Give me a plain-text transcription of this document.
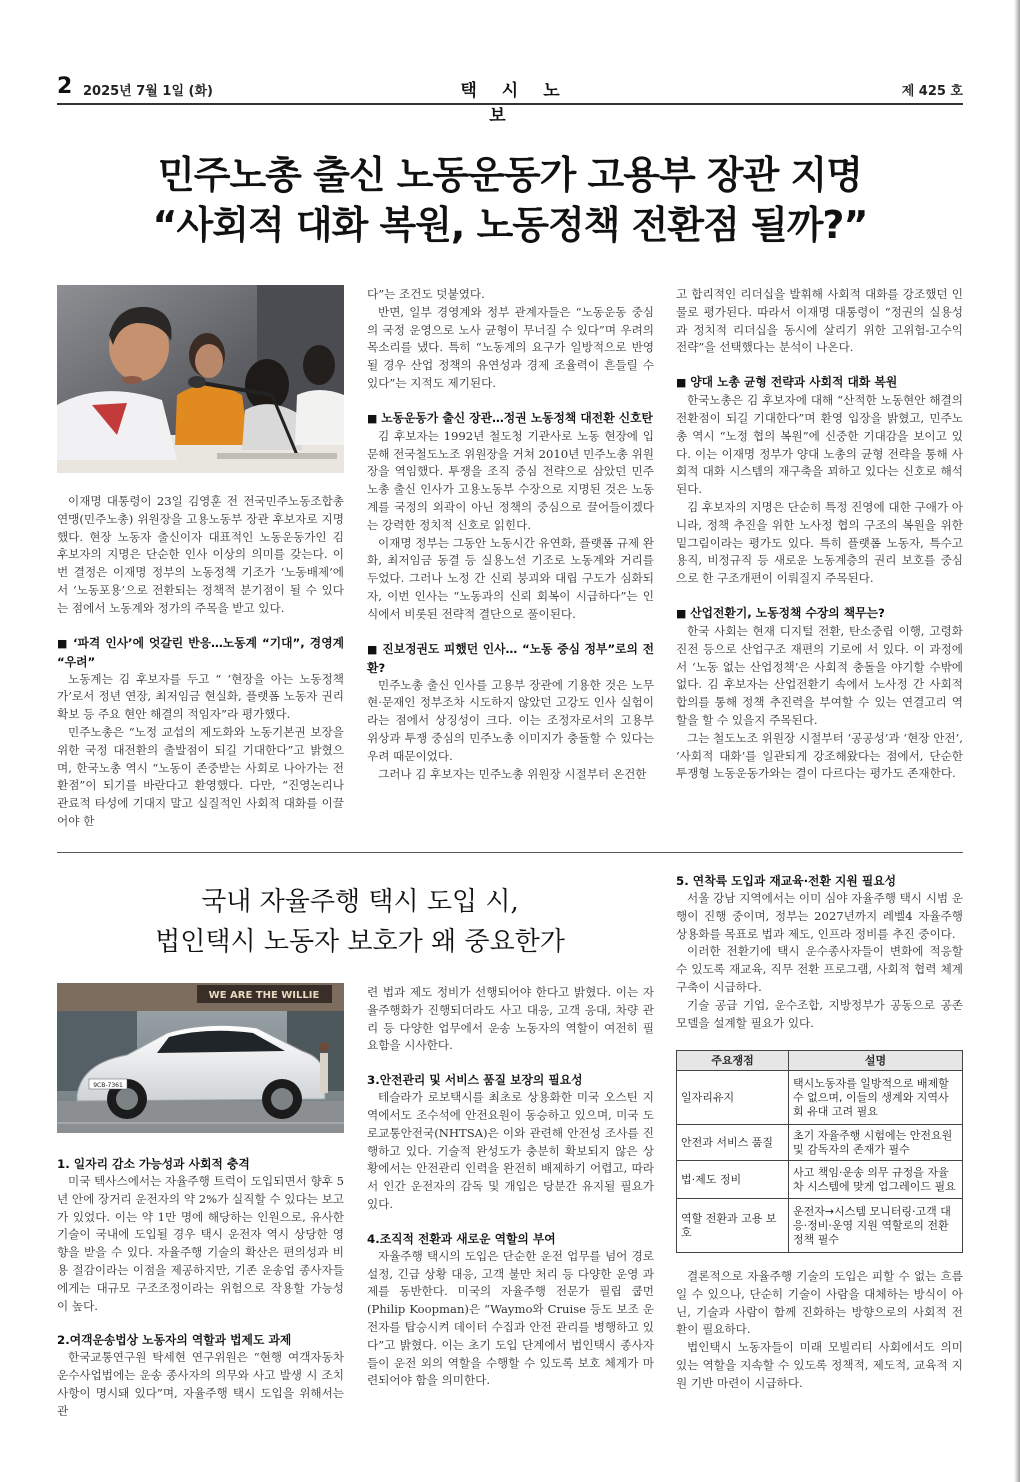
2 2025년 7월 1일 (화)	택시노보
제 425 호
민주노총 출신 노동운동가 고용부 장관 지명
“사회적 대화 복원, 노동정책 전환점 될까?”

이재명 대통령이 23일 김영훈 전 전국민주노동조합총연맹(민주노총) 위원장을 고용노동부 장관 후보자로 지명했다. 현장 노동자 출신이자 대표적인 노동운동가인 김 후보자의 지명은 단순한 인사 이상의 의미를 갖는다. 이번 결정은 이재명 정부의 노동정책 기조가 ‘노동배제’에서 ‘노동포용’으로 전환되는 정책적 분기점이 될 수 있다는 점에서 노동계와 정가의 주목을 받고 있다.

■ ‘파격 인사’에 엇갈린 반응…노동계 “기대”, 경영계 “우려”

노동계는 김 후보자를 두고 “ ‘현장을 아는 노동정책가’로서 정년 연장, 최저임금 현실화, 플랫폼 노동자 권리 확보 등 주요 현안 해결의 적임자”라 평가했다.

민주노총은 “노정 교섭의 제도화와 노동기본권 보장을 위한 국정 대전환의 출발점이 되길 기대한다”고 밝혔으며, 한국노총 역시 “노동이 존중받는 사회로 나아가는 전환점”이 되기를 바란다고 환영했다. 다만, “진영논리나 관료적 타성에 기대지 말고 실질적인 사회적 대화를 이끌어야 한

다”는 조건도 덧붙였다.

반면, 일부 경영계와 정부 관계자들은 “노동운동 중심의 국정 운영으로 노사 균형이 무너질 수 있다”며 우려의 목소리를 냈다. 특히 “노동계의 요구가 일방적으로 반영될 경우 산업 정책의 유연성과 경제 조율력이 흔들릴 수 있다”는 지적도 제기된다.

■ 노동운동가 출신 장관…정권 노동정책 대전환 신호탄

김 후보자는 1992년 철도청 기관사로 노동 현장에 입문해 전국철도노조 위원장을 거쳐 2010년 민주노총 위원장을 역임했다. 투쟁을 조직 중심 전략으로 삼았던 민주노총 출신 인사가 고용노동부 수장으로 지명된 것은 노동계를 국정의 외곽이 아닌 정책의 중심으로 끌어들이겠다는 강력한 정치적 신호로 읽힌다.

이재명 정부는 그동안 노동시간 유연화, 플랫폼 규제 완화, 최저임금 동결 등 실용노선 기조로 노동계와 거리를 두었다. 그러나 노정 간 신뢰 붕괴와 대립 구도가 심화되자, 이번 인사는 “노동과의 신뢰 회복이 시급하다”는 인식에서 비롯된 전략적 결단으로 풀이된다.

■ 진보정권도 피했던 인사… “노동 중심 정부”로의 전환?

민주노총 출신 인사를 고용부 장관에 기용한 것은 노무현·문재인 정부조차 시도하지 않았던 고강도 인사 실험이라는 점에서 상징성이 크다. 이는 조정자로서의 고용부 위상과 투쟁 중심의 민주노총 이미지가 충돌할 수 있다는 우려 때문이었다.

그러나 김 후보자는 민주노총 위원장 시절부터 온건한

고 합리적인 리더십을 발휘해 사회적 대화를 강조했던 인물로 평가된다. 따라서 이재명 대통령이 “정권의 실용성과 정치적 리더십을 동시에 살리기 위한 고위험-고수익 전략”을 선택했다는 분석이 나온다.

■ 양대 노총 균형 전략과 사회적 대화 복원

한국노총은 김 후보자에 대해 “산적한 노동현안 해결의 전환점이 되길 기대한다”며 환영 입장을 밝혔고, 민주노총 역시 “노정 협의 복원”에 신중한 기대감을 보이고 있다. 이는 이재명 정부가 양대 노총의 균형 전략을 통해 사회적 대화 시스템의 재구축을 꾀하고 있다는 신호로 해석된다.

김 후보자의 지명은 단순히 특정 진영에 대한 구애가 아니라, 정책 추진을 위한 노사정 협의 구조의 복원을 위한 밑그림이라는 평가도 있다. 특히 플랫폼 노동자, 특수고용직, 비정규직 등 새로운 노동계층의 권리 보호를 중심으로 한 구조개편이 이뤄질지 주목된다.

■ 산업전환기, 노동정책 수장의 책무는?

한국 사회는 현재 디지털 전환, 탄소중립 이행, 고령화 진전 등으로 산업구조 재편의 기로에 서 있다. 이 과정에서 ‘노동 없는 산업정책’은 사회적 충돌을 야기할 수밖에 없다. 김 후보자는 산업전환기 속에서 노사정 간 사회적 합의를 통해 정책 추진력을 부여할 수 있는 연결고리 역할을 할 수 있을지 주목된다.

그는 철도노조 위원장 시절부터 ‘공공성’과 ‘현장 안전’, ‘사회적 대화’를 일관되게 강조해왔다는 점에서, 단순한 투쟁형 노동운동가와는 결이 다르다는 평가도 존재한다.

국내 자율주행 택시 도입 시,
법인택시 노동자 보호가 왜 중요한가
WE ARE THE WILLIE
9CB-7361
1. 일자리 감소 가능성과 사회적 충격

미국 텍사스에서는 자율주행 트럭이 도입되면서 향후 5년 안에 장거리 운전자의 약 2%가 실직할 수 있다는 보고가 있었다. 이는 약 1만 명에 해당하는 인원으로, 유사한 기술이 국내에 도입될 경우 택시 운전자 역시 상당한 영향을 받을 수 있다. 자율주행 기술의 확산은 편의성과 비용 절감이라는 이점을 제공하지만, 기존 운송업 종사자들에게는 대규모 구조조정이라는 위험으로 작용할 가능성이 높다.

2.여객운송법상 노동자의 역할과 법제도 과제

한국교통연구원 탁세현 연구위원은 “현행 여객자동차운수사업법에는 운송 종사자의 의무와 사고 발생 시 조치 사항이 명시돼 있다”며, 자율주행 택시 도입을 위해서는 관

련 법과 제도 정비가 선행되어야 한다고 밝혔다. 이는 자율주행화가 진행되더라도 사고 대응, 고객 응대, 차량 관리 등 다양한 업무에서 운송 노동자의 역할이 여전히 필요함을 시사한다.

3.안전관리 및 서비스 품질 보장의 필요성

테슬라가 로보택시를 최초로 상용화한 미국 오스틴 지역에서도 조수석에 안전요원이 동승하고 있으며, 미국 도로교통안전국(NHTSA)은 이와 관련해 안전성 조사를 진행하고 있다. 기술적 완성도가 충분히 확보되지 않은 상황에서는 안전관리 인력을 완전히 배제하기 어렵고, 따라서 인간 운전자의 감독 및 개입은 당분간 유지될 필요가 있다.

4.조직적 전환과 새로운 역할의 부여

자율주행 택시의 도입은 단순한 운전 업무를 넘어 경로 설정, 긴급 상황 대응, 고객 불만 처리 등 다양한 운영 과제를 동반한다. 미국의 자율주행 전문가 필립 쿱먼(Philip Koopman)은 “Waymo와 Cruise 등도 보조 운전자를 탑승시켜 데이터 수집과 안전 관리를 병행하고 있다”고 밝혔다. 이는 초기 도입 단계에서 법인택시 종사자들이 운전 외의 역할을 수행할 수 있도록 보호 체계가 마련되어야 함을 의미한다.

5. 연착륙 도입과 재교육·전환 지원 필요성

서울 강남 지역에서는 이미 심야 자율주행 택시 시범 운행이 진행 중이며, 정부는 2027년까지 레벨4 자율주행 상용화를 목표로 법과 제도, 인프라 정비를 추진 중이다.

이러한 전환기에 택시 운수종사자들이 변화에 적응할 수 있도록 재교육, 직무 전환 프로그램, 사회적 협력 체계 구축이 시급하다.

기술 공급 기업, 운수조합, 지방정부가 공동으로 공존 모델을 설계할 필요가 있다.

주요쟁점	설명
일자리유지	택시노동자를 일방적으로 배제할 수 없으며, 이들의 생계와 지역사회 유대 고려 필요
안전과 서비스 품질	초기 자율주행 시험에는 안전요원 및 감독자의 존재가 필수
법·제도 정비	사고 책임·운송 의무 규정을 자율차 시스템에 맞게 업그레이드 필요
역할 전환과 고용 보호	운전자→시스템 모니터링·고객 대응·정비·운영 지원 역할로의 전환 정책 필수

결론적으로 자율주행 기술의 도입은 피할 수 없는 흐름일 수 있으나, 단순히 기술이 사람을 대체하는 방식이 아닌, 기술과 사람이 함께 진화하는 방향으로의 사회적 전환이 필요하다.

법인택시 노동자들이 미래 모빌리티 사회에서도 의미 있는 역할을 지속할 수 있도록 정책적, 제도적, 교육적 지원 기반 마련이 시급하다.
